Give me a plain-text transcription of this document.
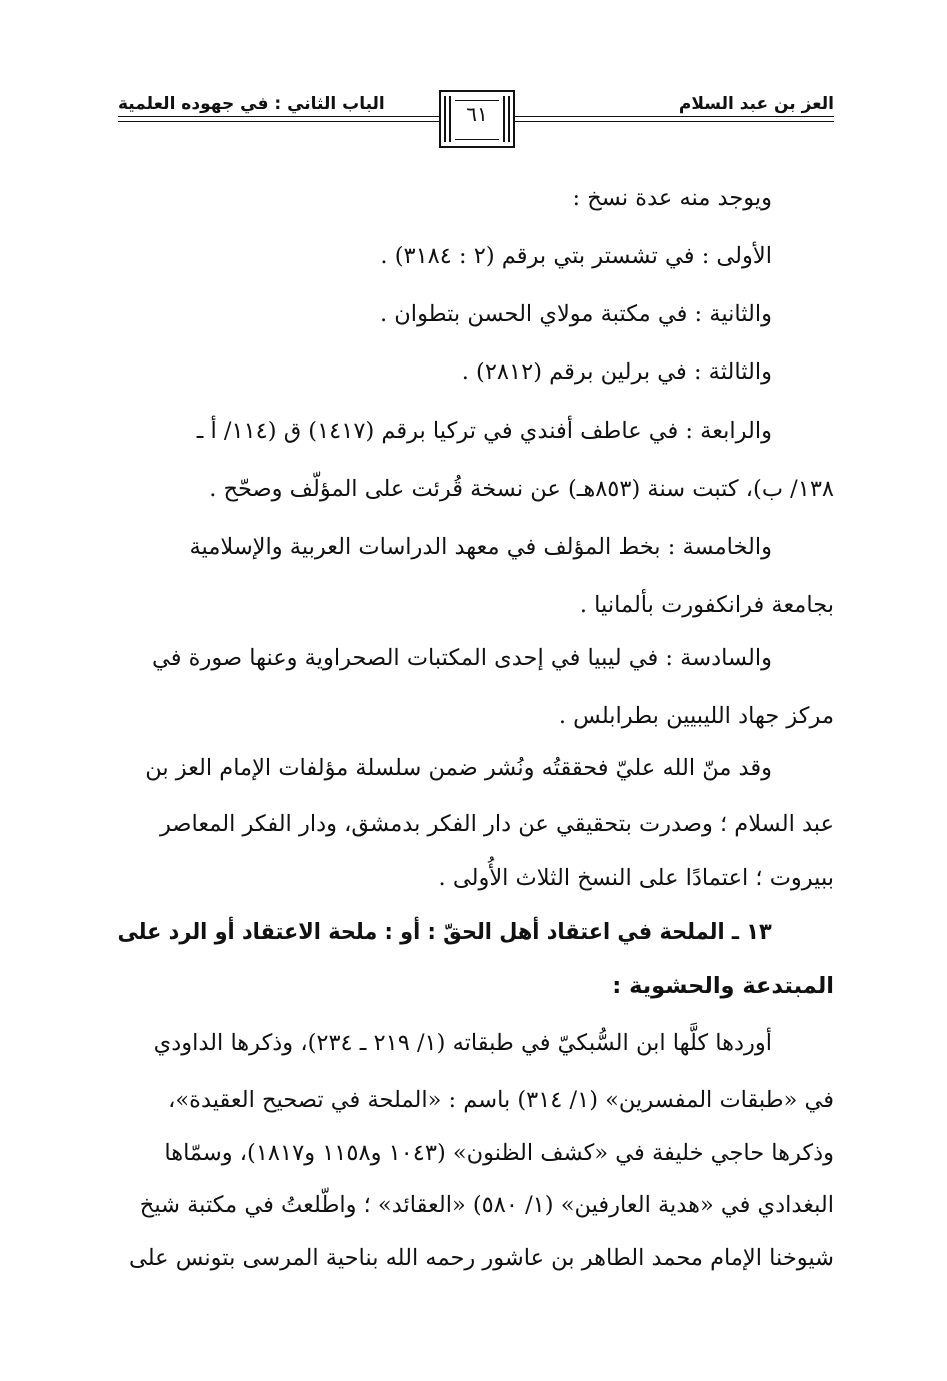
العز بن عبد السلام
الباب الثاني : في جهوده العلمية	٦١
ويوجد منه عدة نسخ :
الأولى : في تشستر بتي برقم (٢ : ٣١٨٤) .
والثانية : في مكتبة مولاي الحسن بتطوان .
والثالثة : في برلين برقم (٢٨١٢) .
والرابعة : في عاطف أفندي في تركيا برقم (١٤١٧) ق (١١٤/ أ ـ
١٣٨/ ب)، كتبت سنة (٨٥٣هـ) عن نسخة قُرئت على المؤلّف وصحّح .
والخامسة : بخط المؤلف في معهد الدراسات العربية والإسلامية
بجامعة فرانكفورت بألمانيا .
والسادسة : في ليبيا في إحدى المكتبات الصحراوية وعنها صورة في
مركز جهاد الليبيين بطرابلس .
وقد منّ الله عليّ فحققتُه ونُشر ضمن سلسلة مؤلفات الإمام العز بن
عبد السلام ؛ وصدرت بتحقيقي عن دار الفكر بدمشق، ودار الفكر المعاصر
ببيروت ؛ اعتمادًا على النسخ الثلاث الأُولى .
١٣ ـ الملحة في اعتقاد أهل الحقّ : أو : ملحة الاعتقاد أو الرد على
المبتدعة والحشوية :
أوردها كلَّها ابن السُّبكيّ في طبقاته (١/ ٢١٩ ـ ٢٣٤)، وذكرها الداودي
في «طبقات المفسرين» (١/ ٣١٤) باسم : «الملحة في تصحيح العقيدة»،
وذكرها حاجي خليفة في «كشف الظنون» (١٠٤٣ و١١٥٨ و١٨١٧)، وسمّاها
البغدادي في «هدية العارفين» (١/ ٥٨٠) «العقائد» ؛ واطّلعتُ في مكتبة شيخ
شيوخنا الإمام محمد الطاهر بن عاشور رحمه الله بناحية المرسى بتونس على
